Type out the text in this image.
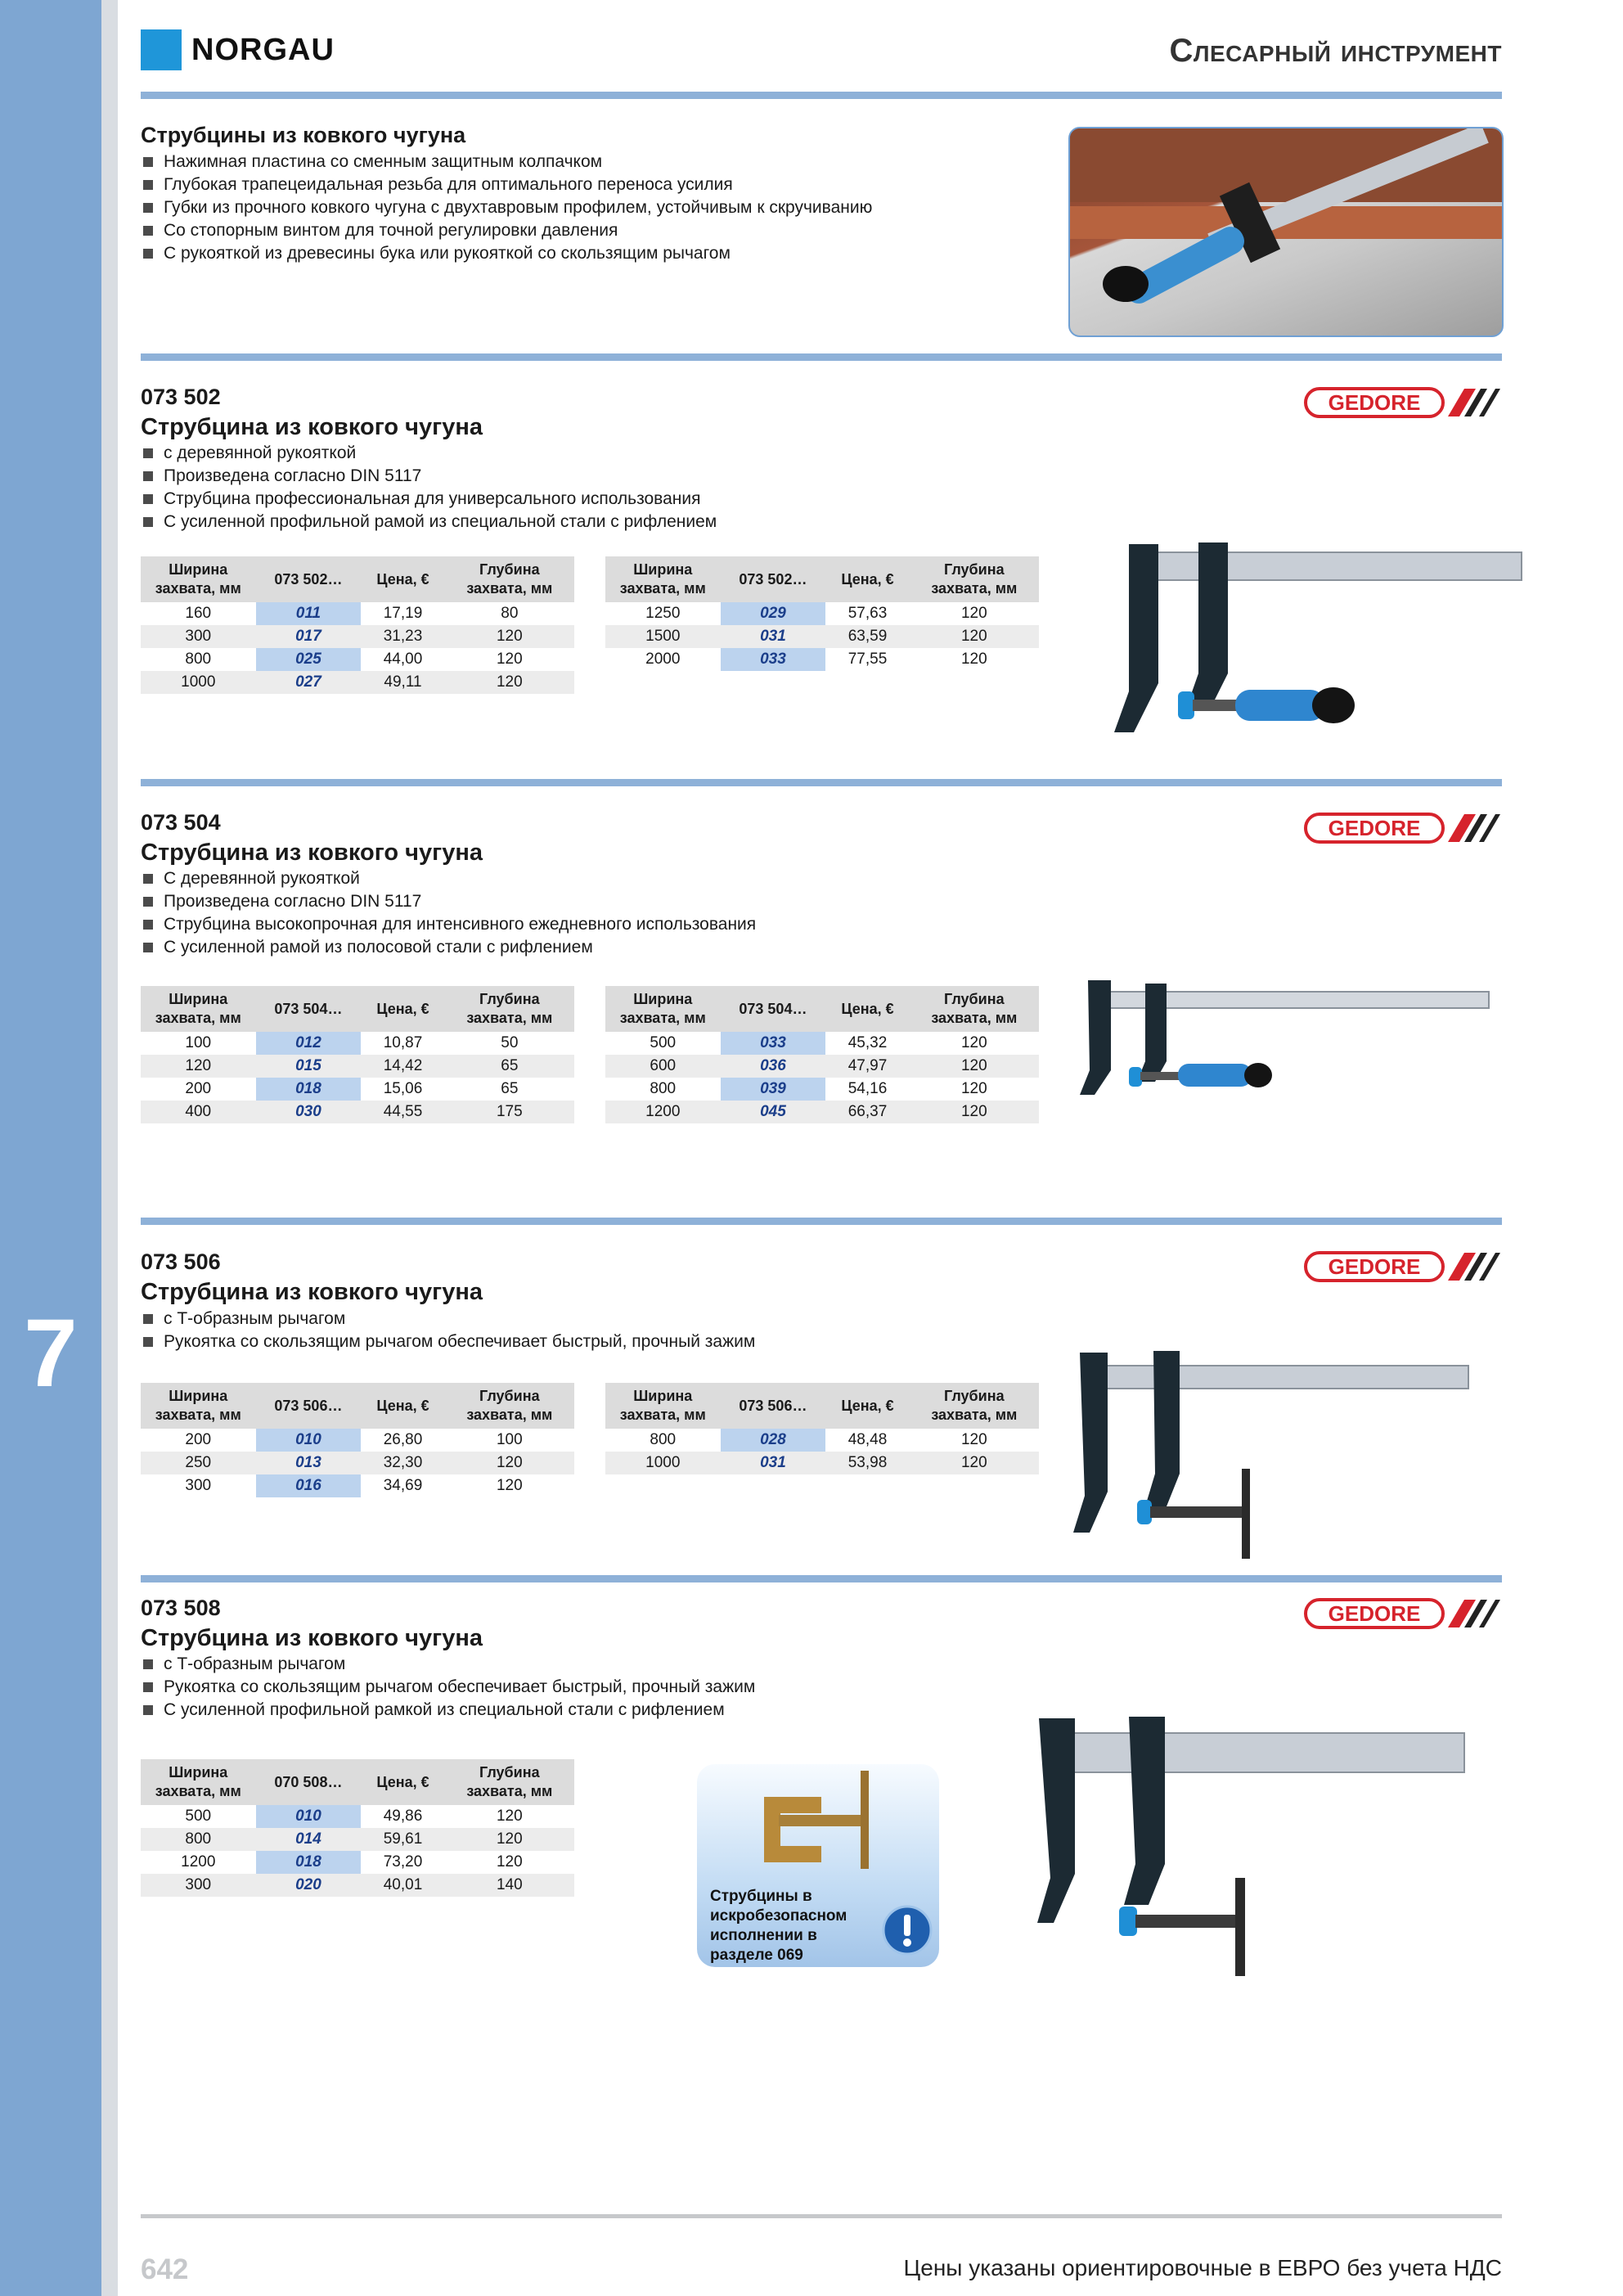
7
NORGAU	Слесарный инструмент
Струбцины из ковкого чугуна
Нажимная пластина со сменным защитным колпачком
Глубокая трапецеидальная резьба для оптимального переноса усилия
Губки из прочного ковкого чугуна с двухтавровым профилем, устойчивым к скручиванию
Со стопорным винтом для точной регулировки давления
С рукояткой из древесины бука или рукояткой со скользящим рычагом
073 502
Струбцина из ковкого чугуна
GEDORE
с деревянной рукояткой
Произведена согласно DIN 5117
Струбцина профессиональная для универсального использования
С усиленной профильной рамой из специальной стали с рифлением
Ширина захвата, мм	073 502…	Цена, €	Глубина захвата, мм
160	011	17,19	80
300	017	31,23	120
800	025	44,00	120
1000	027	49,11	120
Ширина захвата, мм	073 502…	Цена, €	Глубина захвата, мм
1250	029	57,63	120
1500	031	63,59	120
2000	033	77,55	120
073 504
Струбцина из ковкого чугуна
GEDORE
С деревянной рукояткой
Произведена согласно DIN 5117
Струбцина высокопрочная для интенсивного ежедневного использования
С усиленной рамой из полосовой стали с рифлением
Ширина захвата, мм	073 504…	Цена, €	Глубина захвата, мм
100	012	10,87	50
120	015	14,42	65
200	018	15,06	65
400	030	44,55	175
Ширина захвата, мм	073 504…	Цена, €	Глубина захвата, мм
500	033	45,32	120
600	036	47,97	120
800	039	54,16	120
1200	045	66,37	120
073 506
Струбцина из ковкого чугуна
GEDORE
с Т-образным рычагом
Рукоятка со скользящим рычагом обеспечивает быстрый, прочный зажим
Ширина захвата, мм	073 506…	Цена, €	Глубина захвата, мм
200	010	26,80	100
250	013	32,30	120
300	016	34,69	120
Ширина захвата, мм	073 506…	Цена, €	Глубина захвата, мм
800	028	48,48	120
1000	031	53,98	120
073 508
Струбцина из ковкого чугуна
GEDORE
с Т-образным рычагом
Рукоятка со скользящим рычагом обеспечивает быстрый, прочный зажим
С усиленной профильной рамкой из специальной стали с рифлением
Ширина захвата, мм	070 508…	Цена, €	Глубина захвата, мм
500	010	49,86	120
800	014	59,61	120
1200	018	73,20	120
300	020	40,01	140
Струбцины в искробезопасном исполнении в разделе 069
642	Цены указаны ориентировочные в ЕВРО без учета НДС
